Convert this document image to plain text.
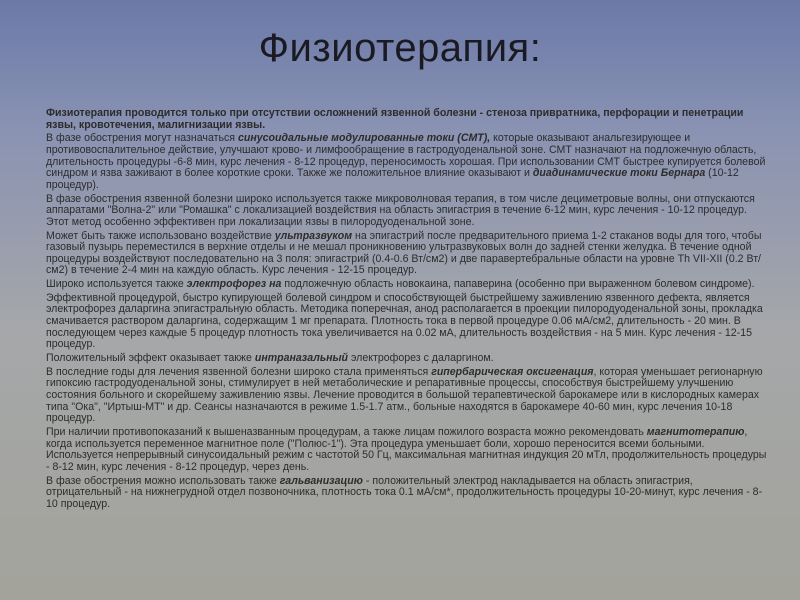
Физиотерапия:

Физиотерапия проводится только при отсутствии осложнений язвенной болезни - стеноза привратника, перфорации и пенетрации язвы, кровотечения, малигнизации язвы.

В фазе обострения могут назначаться синусоидальные модулированные токи (СМТ), которые оказывают анальгезирующее и противовоспалительное действие, улучшают крово- и лимфообращение в гастродуоденальной зоне. СМТ назначают на подложечную область, длительность процедуры -6-8 мин, курс лечения - 8-12 процедур, переносимость хорошая. При использовании СМТ быстрее купируется болевой синдром и язва заживают в более короткие сроки. Также же положительное влияние оказывают и диадинамические токи Бернара (10-12 процедур).

В фазе обострения язвенной болезни широко используется также микроволновая терапия, в том числе дециметровые волны, они отпускаются аппаратами "Волна-2" или "Ромашка" с локализацией воздействия на область эпигастрия в течение 6-12 мин, курс лечения - 10-12 процедур. Этот метод особенно эффективен при локализации язвы в пилородуоденальной зоне.

Может быть также использовано воздействие ультразвуком на эпигастрий после предварительного приема 1-2 стаканов воды для того, чтобы газовый пузырь переместился в верхние отделы и не мешал проникновению ультразвуковых волн до задней стенки желудка. В течение одной процедуры воздействуют последовательно на 3 поля: эпигастрий (0.4-0.6 Вт/см2) и две паравертебральные области на уровне Th VII-XII (0.2 Вт/см2) в течение 2-4 мин на каждую область. Курс лечения - 12-15 процедур.

Широко используется также электрофорез на подложечную область новокаина, папаверина (особенно при выраженном болевом синдроме).

Эффективной процедурой, быстро купирующей болевой синдром и способствующей быстрейшему заживлению язвенного дефекта, является электрофорез даларгина эпигастральную область. Методика поперечная, анод располагается в проекции пилородуоденальной зоны, прокладка смачивается раствором даларгина, содержащим 1 мг препарата. Плотность тока в первой процедуре 0.06 мА/см2, длительность - 20 мин. В последующем через каждые 5 процедур плотность тока увеличивается на 0.02 мА, длительность воздействия - на 5 мин. Курс лечения - 12-15 процедур.

Положительный эффект оказывает также интраназальный электрофорез с даларгином.

В последние годы для лечения язвенной болезни широко стала применяться гипербарическая оксигенация, которая уменьшает регионарную гипоксию гастродуоденальной зоны, стимулирует в ней метаболические и репаративные процессы, способствуя быстрейшему улучшению состояния больного и скорейшему заживлению язвы. Лечение проводится в большой терапевтической барокамере или в кислородных камерах типа "Ока", "Иртыш-МТ" и др. Сеансы назначаются в режиме 1.5-1.7 атм., больные находятся в барокамере 40-60 мин, курс лечения 10-18 процедур.

При наличии противопоказаний к вышеназванным процедурам, а также лицам пожилого возраста можно рекомендовать магнитотерапию, когда используется переменное магнитное поле ("Полюс-1"). Эта процедура уменьшает боли, хорошо переносится всеми больными. Используется непрерывный синусоидальный режим с частотой 50 Гц, максимальная магнитная индукция 20 мТл, продолжительность процедуры - 8-12 мин, курс лечения - 8-12 процедур, через день.

В фазе обострения можно использовать также гальванизацию - положительный электрод накладывается на область эпигастрия, отрицательный - на нижнегрудной отдел позвоночника, плотность тока 0.1 мА/см*, продолжительность процедуры 10-20-минут, курс лечения - 8-10 процедур.
